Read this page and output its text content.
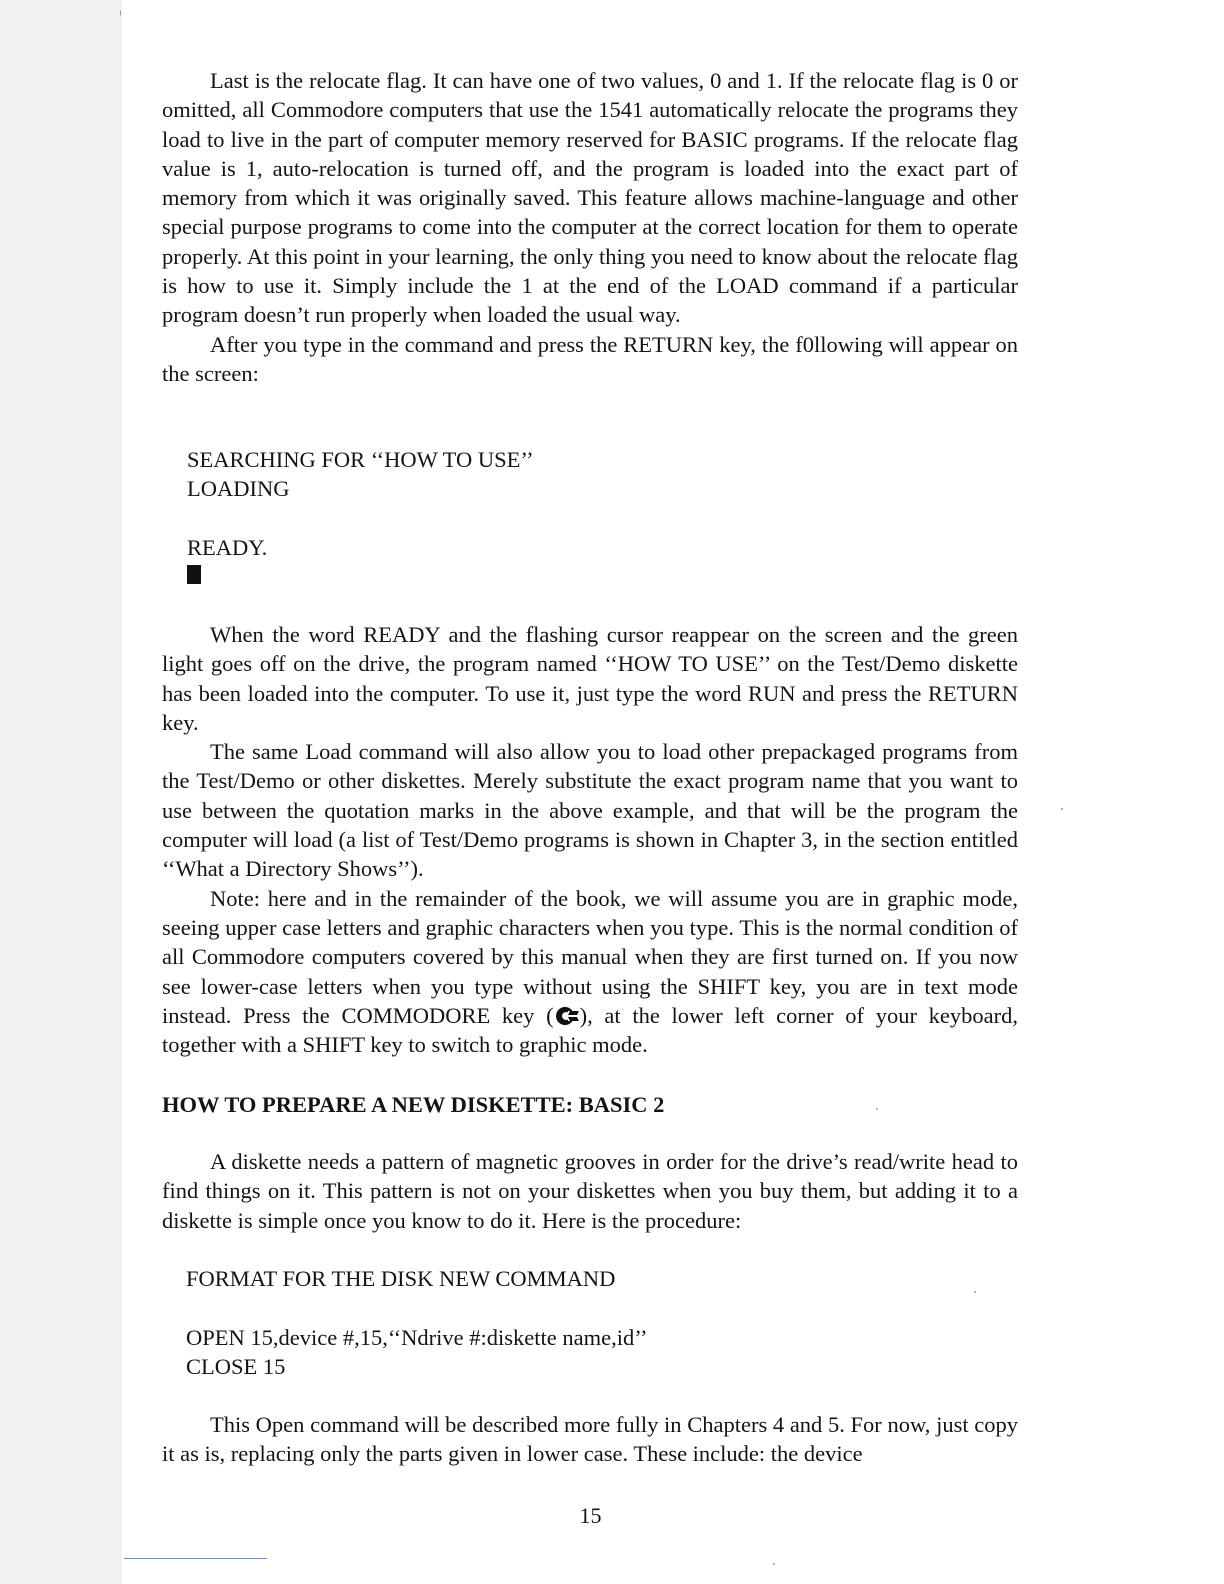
Last is the relocate flag. It can have one of two values, 0 and 1. If the relocate flag is 0 or omitted, all Commodore computers that use the 1541 automatically relocate the programs they load to live in the part of computer memory reserved for BASIC programs. If the relocate flag value is 1, auto-relocation is turned off, and the program is loaded into the exact part of memory from which it was originally saved. This feature allows machine-language and other special purpose programs to come into the computer at the correct location for them to operate properly. At this point in your learning, the only thing you need to know about the relocate flag is how to use it. Simply include the 1 at the end of the LOAD command if a particular program doesn’t run properly when loaded the usual way.

After you type in the command and press the RETURN key, the f0llowing will appear on the screen:

SEARCHING FOR ‘‘HOW TO USE’’
LOADING
READY.

When the word READY and the flashing cursor reappear on the screen and the green light goes off on the drive, the program named ‘‘HOW TO USE’’ on the Test/Demo diskette has been loaded into the computer. To use it, just type the word RUN and press the RETURN key.

The same Load command will also allow you to load other prepackaged programs from the Test/Demo or other diskettes. Merely substitute the exact program name that you want to use between the quotation marks in the above example, and that will be the program the computer will load (a list of Test/Demo programs is shown in Chapter 3, in the section entitled ‘‘What a Directory Shows’’).

Note: here and in the remainder of the book, we will assume you are in graphic mode, seeing upper case letters and graphic characters when you type. This is the normal condition of all Commodore computers covered by this manual when they are first turned on. If you now see lower-case letters when you type without using the SHIFT key, you are in text mode instead. Press the COMMODORE key ( ), at the lower left corner of your keyboard, together with a SHIFT key to switch to graphic mode.

HOW TO PREPARE A NEW DISKETTE: BASIC 2

A diskette needs a pattern of magnetic grooves in order for the drive’s read/write head to find things on it. This pattern is not on your diskettes when you buy them, but adding it to a diskette is simple once you know to do it. Here is the procedure:

FORMAT FOR THE DISK NEW COMMAND
OPEN 15,device #,15,‘‘Ndrive #:diskette name,id’’
CLOSE 15

This Open command will be described more fully in Chapters 4 and 5. For now, just copy it as is, replacing only the parts given in lower case. These include: the device

15
